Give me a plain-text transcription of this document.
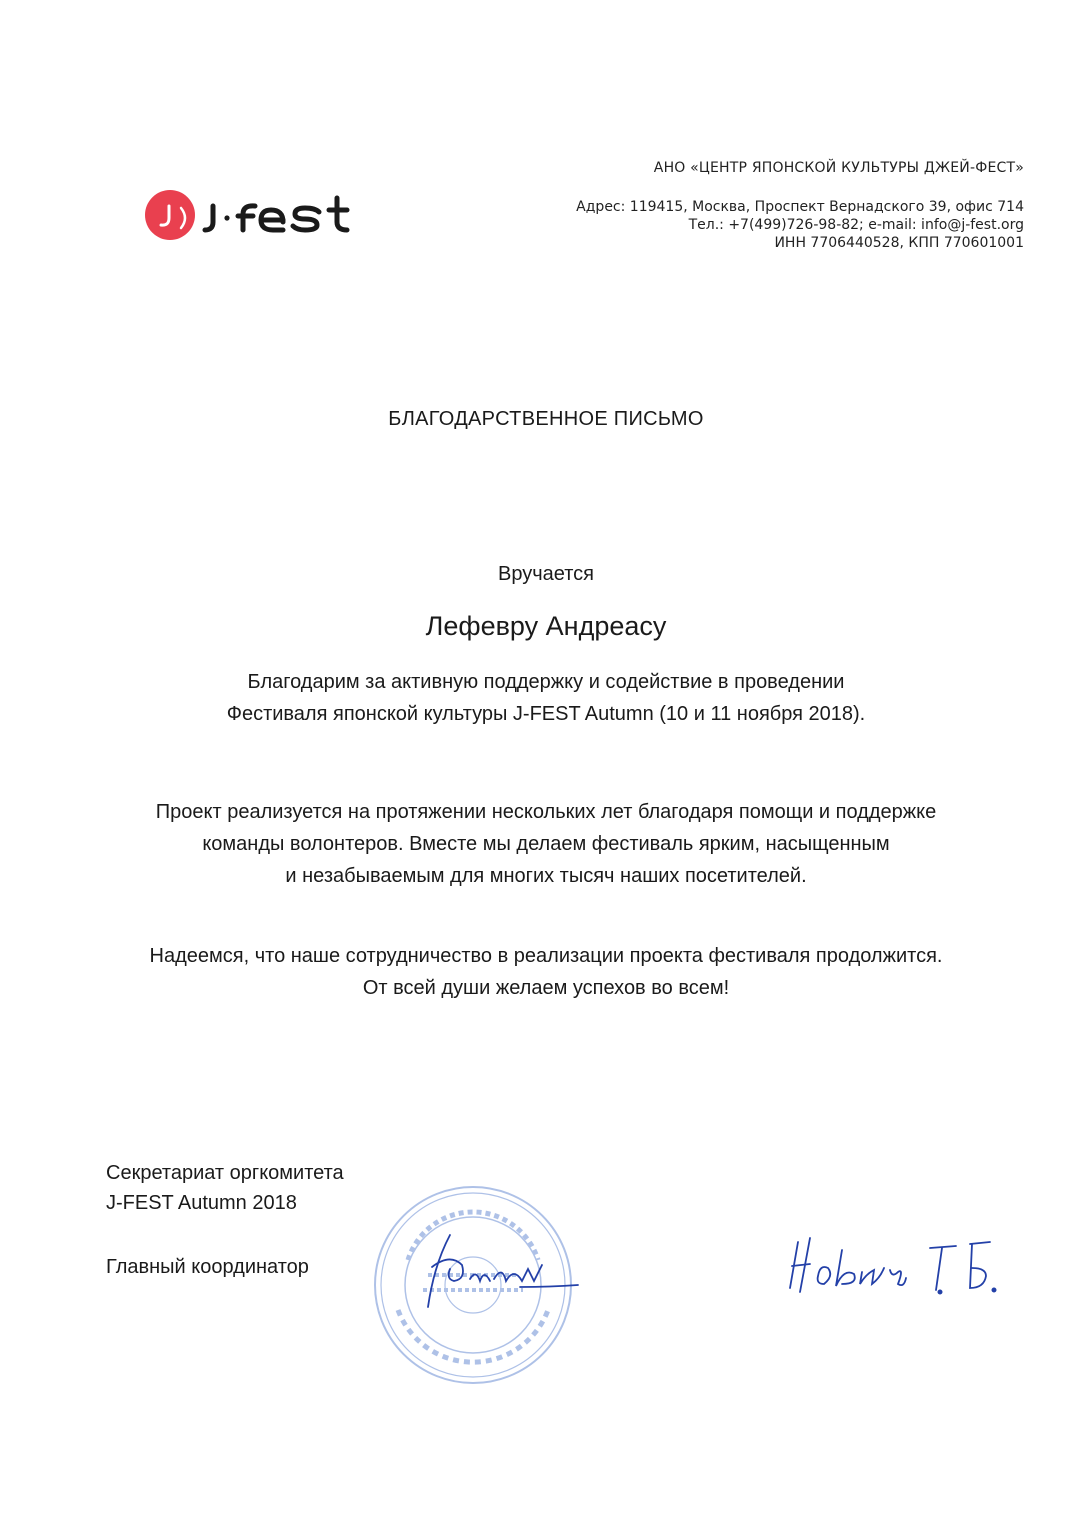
АНО «ЦЕНТР ЯПОНСКОЙ КУЛЬТУРЫ ДЖЕЙ-ФЕСТ»

Адрес: 119415, Москва, Проспект Вернадского 39, офис 714

Тел.: +7(499)726-98-82; e-mail: info@j-fest.org

ИНН 7706440528, КПП 770601001

БЛАГОДАРСТВЕННОЕ ПИСЬМО
Вручается
Лефевру Андреасу

Благодарим за активную поддержку и содействие в проведении

Фестиваля японской культуры J-FEST Autumn (10 и 11 ноября 2018).

Проект реализуется на протяжении нескольких лет благодаря помощи и поддержке

команды волонтеров. Вместе мы делаем фестиваль ярким, насыщенным

и незабываемым для многих тысяч наших посетителей.

Надеемся, что наше сотрудничество в реализации проекта фестиваля продолжится.

От всей души желаем успехов во всем!

Секретариат оргкомитета

J-FEST Autumn 2018

Главный координатор
